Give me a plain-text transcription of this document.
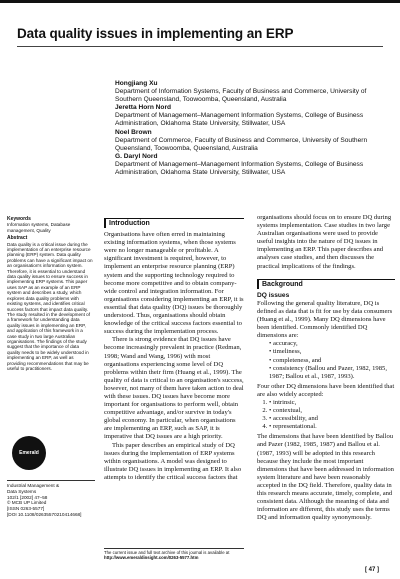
Data quality issues in implementing an ERP
Hongjiang Xu
Department of Information Systems, Faculty of Business and Commerce, University of Southern Queensland, Toowoomba, Queensland, Australia
Jeretta Horn Nord
Department of Management–Management Information Systems, College of Business Administration, Oklahoma State University, Stillwater, USA
Noel Brown
Department of Commerce, Faculty of Business and Commerce, University of Southern Queensland, Toowoomba, Queensland, Australia
G. Daryl Nord
Department of Management–Management Information Systems, College of Business Administration, Oklahoma State University, Stillwater, USA
Keywords

Information systems, Database management, Quality

Abstract

Data quality is a critical issue during the implementation of an enterprise resource planning (ERP) system. Data quality problems can have a significant impact on an organisation's information system. Therefore, it is essential to understand data quality issues to ensure success in implementing ERP systems. This paper uses SAP as an example of an ERP system and describes a study, which explores data quality problems with existing systems, and identifies critical success factors that impact data quality. The study resulted in the development of a framework for understanding data quality issues in implementing an ERP, and application of this framework in a case study in two large Australian organisations. The findings of the study suggest that the importance of data quality needs to be widely understood in implementing an ERP, as well as providing recommendations that may be useful to practitioners.

Emerald
Industrial Management &
Data Systems
102/1 [2002] 47–58
© MCB UP Limited
[ISSN 0263-5577]
[DOI 10.1108/02635570210414668]
Introduction

Organisations have often erred in maintaining existing information systems, when those systems were no longer manageable or profitable. A significant investment is required, however, to implement an enterprise resource planning (ERP) system and the supporting technology required to become more competitive and to obtain company-wide control and integration information. For organisations considering implementing an ERP, it is essential that data quality (DQ) issues be thoroughly understood. Thus, organisations should obtain knowledge of the critical success factors essential to success during the implementation process.

There is strong evidence that DQ issues have become increasingly prevalent in practice (Redman, 1998; Wand and Wang, 1996) with most organisations experiencing some level of DQ problems within their firm (Huang et al., 1999). The quality of data is critical to an organisation's success, however, not many of them have taken action to deal with these issues. DQ issues have become more important for organisations to perform well, obtain competitive advantage, and/or survive in today's global economy. In particular, when organisations are implementing an ERP, such as SAP, it is imperative that DQ issues are a high priority.

This paper describes an empirical study of DQ issues during the implementation of ERP systems within organisations. A model was designed to illustrate DQ issues in implementing an ERP. It also attempts to identify the critical success factors that

The current issue and full text archive of this journal is available at
http://www.emeraldinsight.com/0263-5577.htm

organisations should focus on to ensure DQ during systems implementation. Case studies in two large Australian organisations were used to provide useful insights into the nature of DQ issues in implementing an ERP. This paper describes and analyses case studies, and then discusses the practical implications of the findings.

Background
DQ issues

Following the general quality literature, DQ is defined as data that is fit for use by data consumers (Huang et al., 1999). Many DQ dimensions have been identified. Commonly identified DQ dimensions are:

• accuracy,
• timeliness,
• completeness, and
• consistency (Ballou and Pazer, 1982, 1985, 1987; Ballou et al., 1987, 1993).

Four other DQ dimensions have been identified that are also widely accepted:

• 1. intrinsic,
• 2. contextual,
• 3. accessibility, and
• 4. representational.

The dimensions that have been identified by Ballou and Pazer (1982, 1985, 1987) and Ballou et al. (1987, 1993) will be adopted in this research because they include the most important dimensions that have been addressed in information system literature and have been reasonably accepted in the DQ field. Therefore, quality data in this research means accurate, timely, complete, and consistent data. Although the meaning of data and information are different, this study uses the terms DQ and information quality synonymously.

[ 47 ]
